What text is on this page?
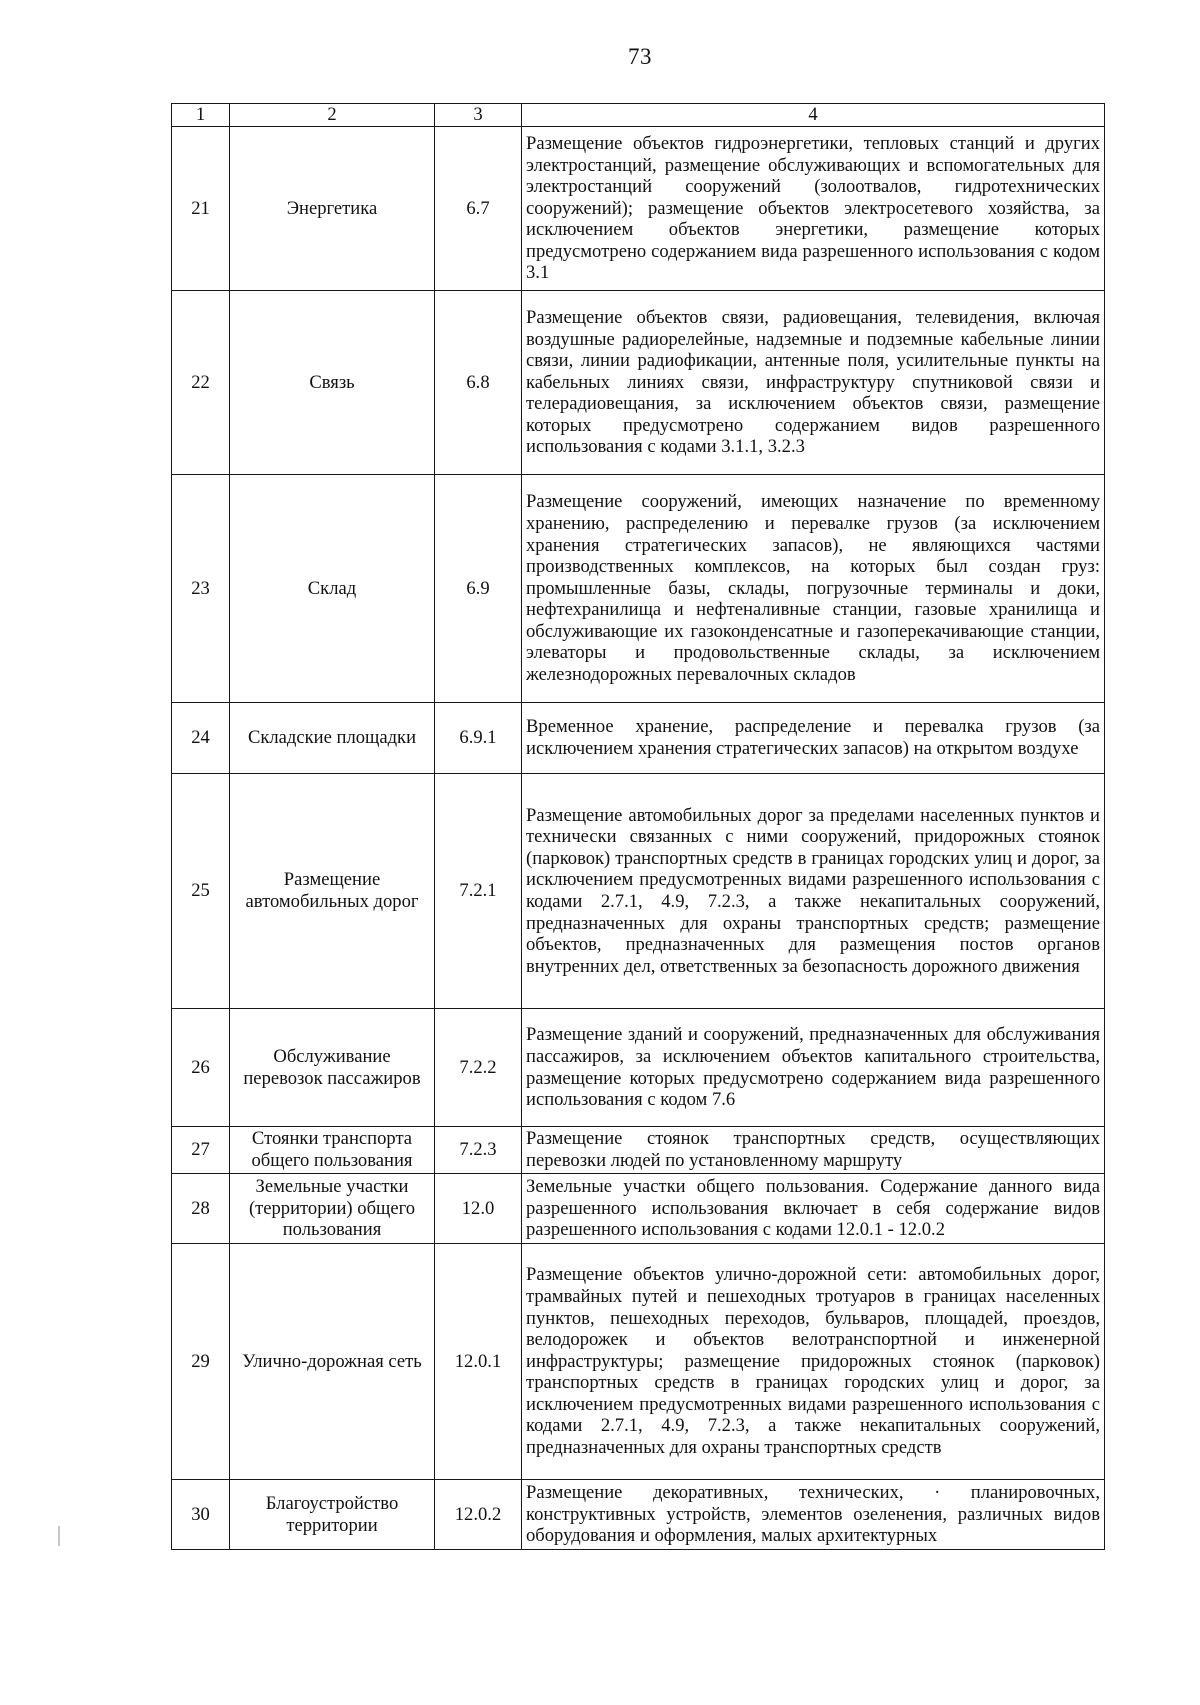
73
1	2	3	4
21	Энергетика	6.7	Размещение объектов гидроэнергетики, тепловых станций и других электростанций, размещение обслуживающих и вспомогательных для электростанций сооружений (золоотвалов, гидротехнических сооружений); размещение объектов электросетевого хозяйства, за исключением объектов энергетики, размещение которых предусмотрено содержанием вида разрешенного использования с кодом 3.1
22	Связь	6.8	Размещение объектов связи, радиовещания, телевидения, включая воздушные радиорелейные, надземные и подземные кабельные линии связи, линии радиофикации, антенные поля, усилительные пункты на кабельных линиях связи, инфраструктуру спутниковой связи и телерадиовещания, за исключением объектов связи, размещение которых предусмотрено содержанием видов разрешенного использования с кодами 3.1.1, 3.2.3
23	Склад	6.9	Размещение сооружений, имеющих назначение по временному хранению, распределению и перевалке грузов (за исключением хранения стратегических запасов), не являющихся частями производственных комплексов, на которых был создан груз: промышленные базы, склады, погрузочные терминалы и доки, нефтехранилища и нефтеналивные станции, газовые хранилища и обслуживающие их газоконденсатные и газоперекачивающие станции, элеваторы и продовольственные склады, за исключением железнодорожных перевалочных складов
24	Складские площадки	6.9.1	Временное хранение, распределение и перевалка грузов (за исключением хранения стратегических запасов) на открытом воздухе
25	Размещение автомобильных дорог	7.2.1	Размещение автомобильных дорог за пределами населенных пунктов и технически связанных с ними сооружений, придорожных стоянок (парковок) транспортных средств в границах городских улиц и дорог, за исключением предусмотренных видами разрешенного использования с кодами 2.7.1, 4.9, 7.2.3, а также некапитальных сооружений, предназначенных для охраны транспортных средств; размещение объектов, предназначенных для размещения постов органов внутренних дел, ответственных за безопасность дорожного движения
26	Обслуживание перевозок пассажиров	7.2.2	Размещение зданий и сооружений, предназначенных для обслуживания пассажиров, за исключением объектов капитального строительства, размещение которых предусмотрено содержанием вида разрешенного использования с кодом 7.6
27	Стоянки транспорта общего пользования	7.2.3	Размещение стоянок транспортных средств, осуществляющих перевозки людей по установленному маршруту
28	Земельные участки (территории) общего пользования	12.0	Земельные участки общего пользования. Содержание данного вида разрешенного использования включает в себя содержание видов разрешенного использования с кодами 12.0.1 - 12.0.2
29	Улично-дорожная сеть	12.0.1	Размещение объектов улично-дорожной сети: автомобильных дорог, трамвайных путей и пешеходных тротуаров в границах населенных пунктов, пешеходных переходов, бульваров, площадей, проездов, велодорожек и объектов велотранспортной и инженерной инфраструктуры; размещение придорожных стоянок (парковок) транспортных средств в границах городских улиц и дорог, за исключением предусмотренных видами разрешенного использования с кодами 2.7.1, 4.9, 7.2.3, а также некапитальных сооружений, предназначенных для охраны транспортных средств
30	Благоустройство территории	12.0.2	Размещение декоративных, технических, · планировочных, конструктивных устройств, элементов озеленения, различных видов оборудования и оформления, малых архитектурных
